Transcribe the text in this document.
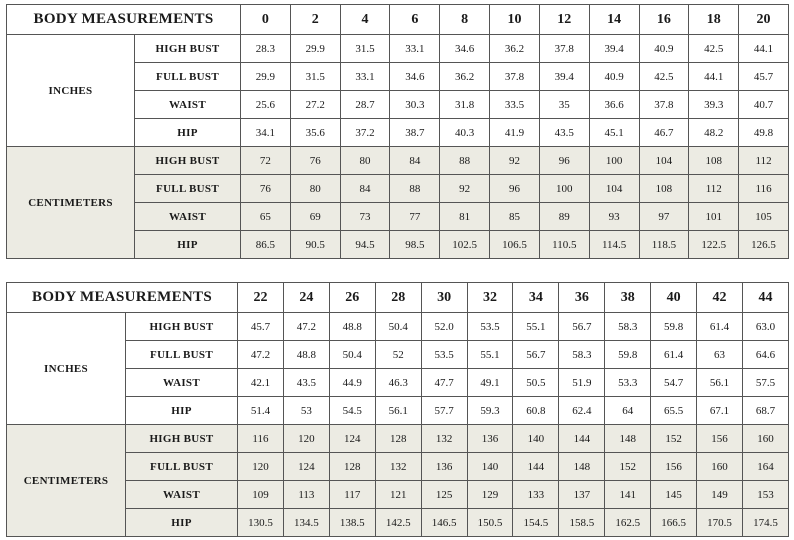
BODY MEASUREMENTS		0	2	4	6	8	10	12	14	16	18	20
INCHES	HIGH BUST	28.3	29.9	31.5	33.1	34.6	36.2	37.8	39.4	40.9	42.5	44.1
	FULL BUST	29.9	31.5	33.1	34.6	36.2	37.8	39.4	40.9	42.5	44.1	45.7
	WAIST	25.6	27.2	28.7	30.3	31.8	33.5	35	36.6	37.8	39.3	40.7
	HIP	34.1	35.6	37.2	38.7	40.3	41.9	43.5	45.1	46.7	48.2	49.8
CENTIMETERS	HIGH BUST	72	76	80	84	88	92	96	100	104	108	112
	FULL BUST	76	80	84	88	92	96	100	104	108	112	116
	WAIST	65	69	73	77	81	85	89	93	97	101	105
	HIP	86.5	90.5	94.5	98.5	102.5	106.5	110.5	114.5	118.5	122.5	126.5
BODY MEASUREMENTS		22	24	26	28	30	32	34	36	38	40	42	44
INCHES	HIGH BUST	45.7	47.2	48.8	50.4	52.0	53.5	55.1	56.7	58.3	59.8	61.4	63.0
	FULL BUST	47.2	48.8	50.4	52	53.5	55.1	56.7	58.3	59.8	61.4	63	64.6
	WAIST	42.1	43.5	44.9	46.3	47.7	49.1	50.5	51.9	53.3	54.7	56.1	57.5
	HIP	51.4	53	54.5	56.1	57.7	59.3	60.8	62.4	64	65.5	67.1	68.7
CENTIMETERS	HIGH BUST	116	120	124	128	132	136	140	144	148	152	156	160
	FULL BUST	120	124	128	132	136	140	144	148	152	156	160	164
	WAIST	109	113	117	121	125	129	133	137	141	145	149	153
	HIP	130.5	134.5	138.5	142.5	146.5	150.5	154.5	158.5	162.5	166.5	170.5	174.5
